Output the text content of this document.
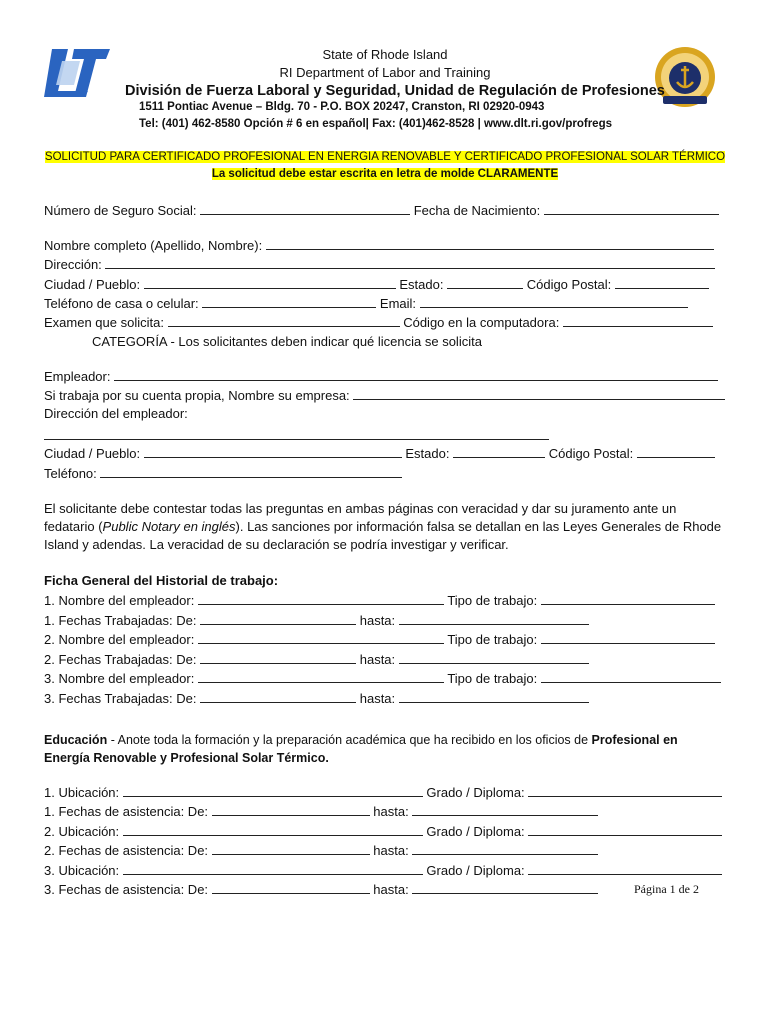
State of Rhode Island
RI Department of Labor and Training
División de Fuerza Laboral y Seguridad, Unidad de Regulación de Profesiones
1511 Pontiac Avenue – Bldg. 70 - P.O. BOX 20247, Cranston, RI 02920-0943
Tel: (401) 462-8580 Opción # 6 en español| Fax: (401)462-8528 | www.dlt.ri.gov/profregs
SOLICITUD PARA CERTIFICADO PROFESIONAL EN ENERGIA RENOVABLE Y CERTIFICADO PROFESIONAL SOLAR TÉRMICO
La solicitud debe estar escrita en letra de molde CLARAMENTE
Número de Seguro Social:	Fecha de Nacimiento:
Nombre completo (Apellido, Nombre):
Dirección:
Ciudad / Pueblo:	Estado:	Código Postal:
Teléfono de casa o celular:	Email:
Examen que solicita:	Código en la computadora:
CATEGORÍA - Los solicitantes deben indicar qué licencia se solicita
Empleador:
Si trabaja por su cuenta propia, Nombre su empresa:
Dirección del empleador:
Ciudad / Pueblo:	Estado:	Código Postal:
Teléfono:
El solicitante debe contestar todas las preguntas en ambas páginas con veracidad y dar su juramento ante un
fedatario (Public Notary en inglés). Las sanciones por información falsa se detallan en las Leyes Generales de Rhode
Island y adendas. La veracidad de su declaración se podría investigar y verificar.
Ficha General del Historial de trabajo:
1. Nombre del empleador:	Tipo de trabajo:
1. Fechas Trabajadas: De:	hasta:
2. Nombre del empleador:	Tipo de trabajo:
2. Fechas Trabajadas: De:	hasta:
3. Nombre del empleador:	Tipo de trabajo:
3. Fechas Trabajadas: De:	hasta:
Educación - Anote toda la formación y la preparación académica que ha recibido en los oficios de Profesional en
Energía Renovable y Profesional Solar Térmico.
1. Ubicación:	Grado / Diploma:
1. Fechas de asistencia: De:	hasta:
2. Ubicación:	Grado / Diploma:
2. Fechas de asistencia: De:	hasta:
3. Ubicación:	Grado / Diploma:
3. Fechas de asistencia: De:	hasta:	Página 1 de 2
